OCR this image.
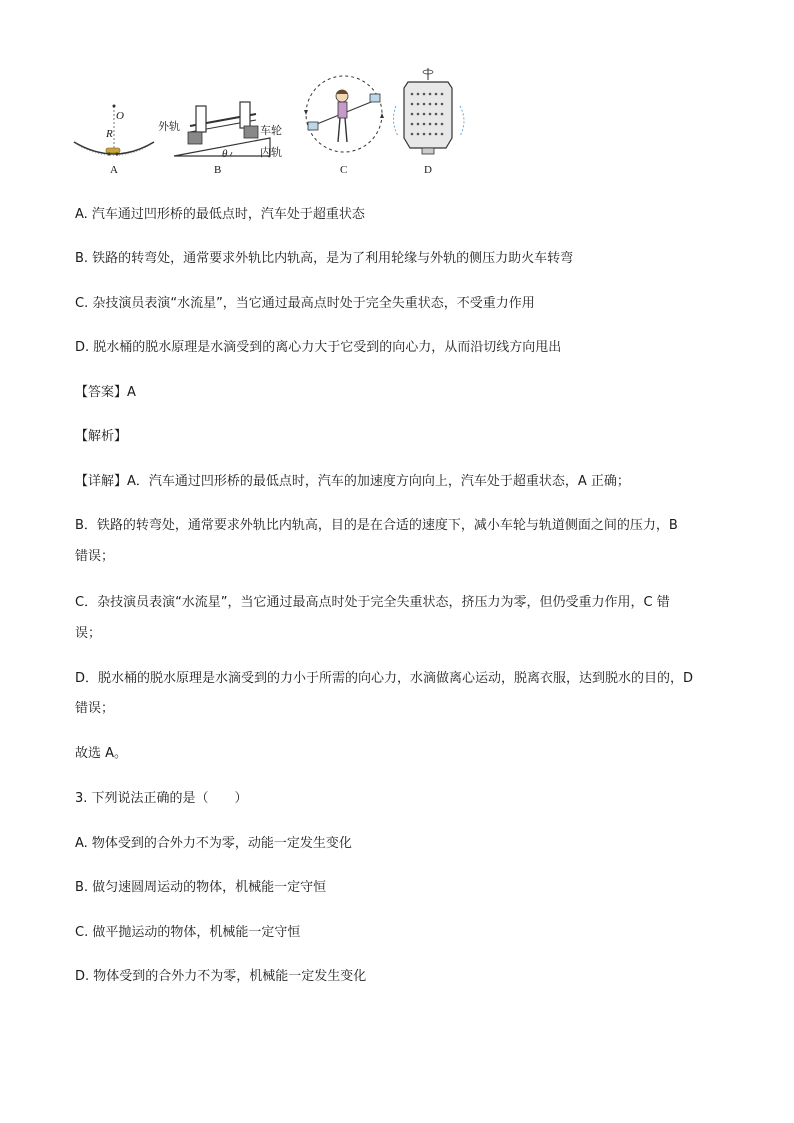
O
R
A
外轨	车轮
内轨
θ
B	C	D
A. 汽车通过凹形桥的最低点时，汽车处于超重状态
B. 铁路的转弯处，通常要求外轨比内轨高，是为了利用轮缘与外轨的侧压力助火车转弯
C. 杂技演员表演“水流星”，当它通过最高点时处于完全失重状态，不受重力作用
D. 脱水桶的脱水原理是水滴受到的离心力大于它受到的向心力，从而沿切线方向甩出
【答案】A
【解析】
【详解】A．汽车通过凹形桥的最低点时，汽车的加速度方向向上，汽车处于超重状态，A 正确；
B．铁路的转弯处，通常要求外轨比内轨高，目的是在合适的速度下，减小车轮与轨道侧面之间的压力，B
错误；
C．杂技演员表演“水流星”，当它通过最高点时处于完全失重状态，挤压力为零，但仍受重力作用，C 错
误；
D．脱水桶的脱水原理是水滴受到的力小于所需的向心力，水滴做离心运动，脱离衣服，达到脱水的目的，D
错误；
故选 A。
3. 下列说法正确的是（　　）
A. 物体受到的合外力不为零，动能一定发生变化
B. 做匀速圆周运动的物体，机械能一定守恒
C. 做平抛运动的物体，机械能一定守恒
D. 物体受到的合外力不为零，机械能一定发生变化
